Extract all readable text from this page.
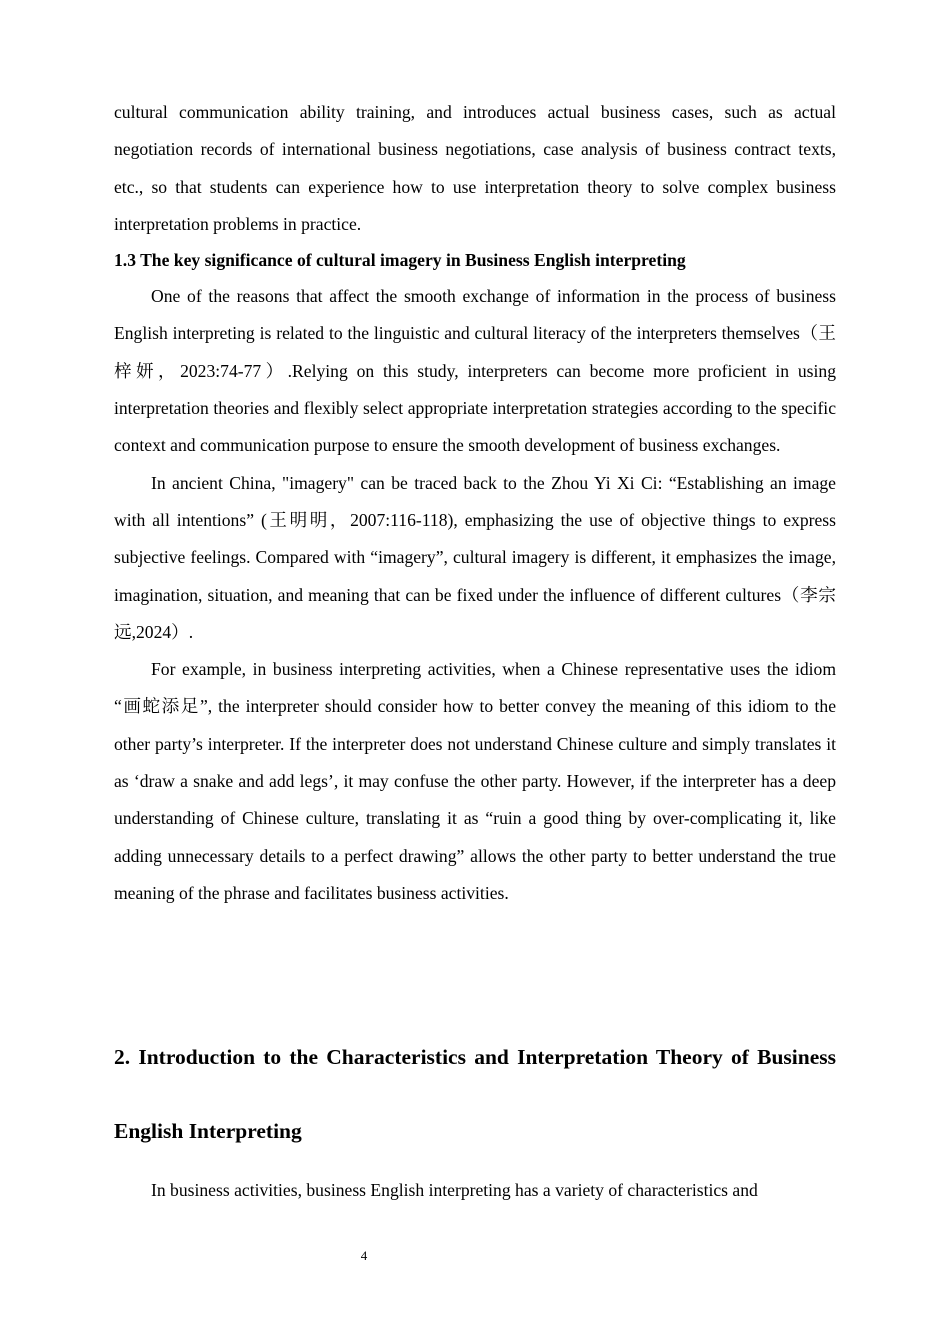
cultural communication ability training, and introduces actual business cases, such as actual negotiation records of international business negotiations, case analysis of business contract texts, etc., so that students can experience how to use interpretation theory to solve complex business interpretation problems in practice.

1.3 The key significance of cultural imagery in Business English interpreting

One of the reasons that affect the smooth exchange of information in the process of business English interpreting is related to the linguistic and cultural literacy of the interpreters themselves（王梓妍，2023:74-77）.Relying on this study, interpreters can become more proficient in using interpretation theories and flexibly select appropriate interpretation strategies according to the specific context and communication purpose to ensure the smooth development of business exchanges.

In ancient China, "imagery" can be traced back to the Zhou Yi Xi Ci: “Establishing an image with all intentions” (王明明，2007:116-118), emphasizing the use of objective things to express subjective feelings. Compared with “imagery”, cultural imagery is different, it emphasizes the image, imagination, situation, and meaning that can be fixed under the influence of different cultures（李宗远,2024）.

For example, in business interpreting activities, when a Chinese representative uses the idiom “画蛇添足”, the interpreter should consider how to better convey the meaning of this idiom to the other party’s interpreter. If the interpreter does not understand Chinese culture and simply translates it as ‘draw a snake and add legs’, it may confuse the other party. However, if the interpreter has a deep understanding of Chinese culture, translating it as “ruin a good thing by over-complicating it, like adding unnecessary details to a perfect drawing” allows the other party to better understand the true meaning of the phrase and facilitates business activities.

2. Introduction to the Characteristics and Interpretation Theory of Business English Interpreting

In business activities, business English interpreting has a variety of characteristics and

4
